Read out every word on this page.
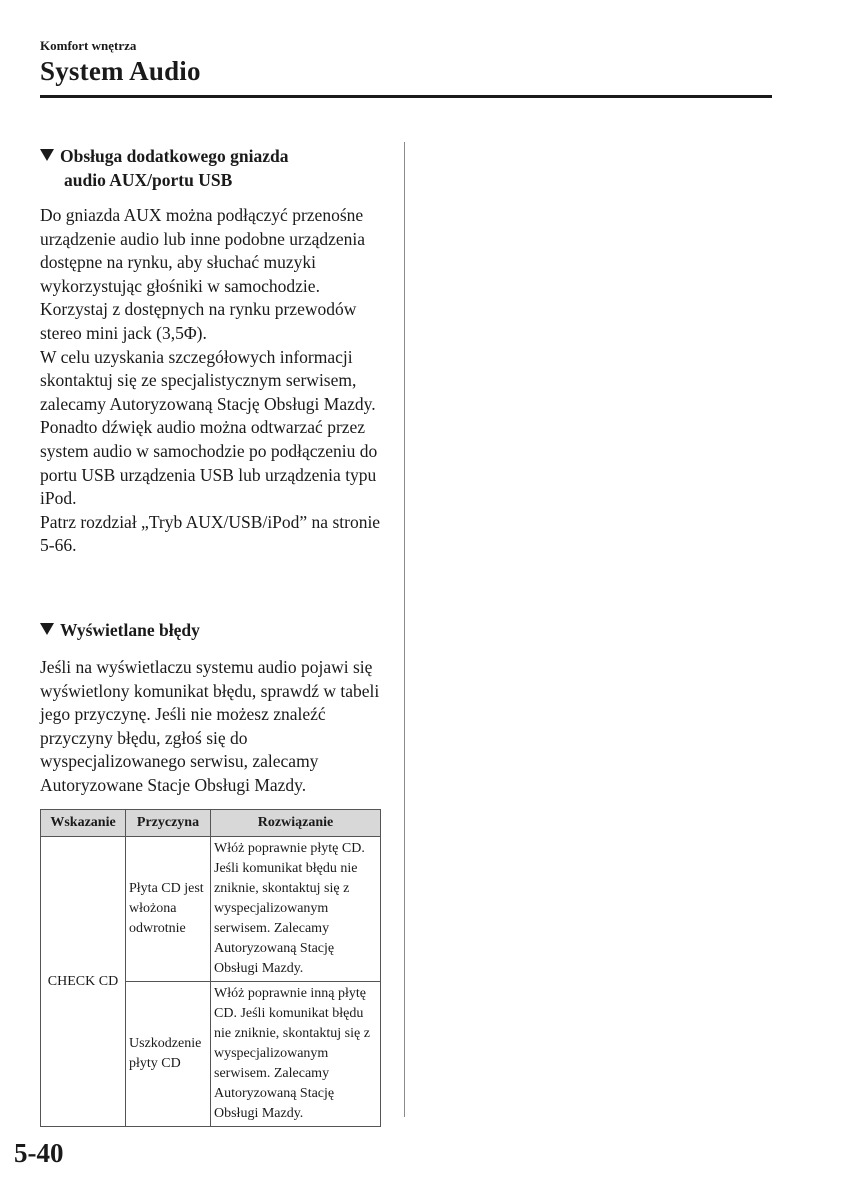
Komfort wnętrza
System Audio
Obsługa dodatkowego gniazda
audio AUX/portu USB

Do gniazda AUX można podłączyć przenośne urządzenie audio lub inne podobne urządzenia dostępne na rynku, aby słuchać muzyki wykorzystując głośniki w samochodzie.

Korzystaj z dostępnych na rynku przewodów stereo mini jack (3,5Φ).

W celu uzyskania szczegółowych informacji skontaktuj się ze specjalistycznym serwisem, zalecamy Autoryzowaną Stację Obsługi Mazdy.

Ponadto dźwięk audio można odtwarzać przez system audio w samochodzie po podłączeniu do portu USB urządzenia USB lub urządzenia typu iPod.

Patrz rozdział „Tryb AUX/USB/iPod” na stronie 5-66.

Wyświetlane błędy

Jeśli na wyświetlaczu systemu audio pojawi się wyświetlony komunikat błędu, sprawdź w tabeli jego przyczynę. Jeśli nie możesz znaleźć przyczyny błędu, zgłoś się do wyspecjalizowanego serwisu, zalecamy Autoryzowane Stacje Obsługi Mazdy.

Wskazanie	Przyczyna	Rozwiązanie
CHECK CD	Płyta CD jest włożona odwrotnie	Włóż poprawnie płytę CD. Jeśli komunikat błędu nie zniknie, skontaktuj się z wyspecjalizowanym serwisem. Zalecamy Autoryzowaną Stację Obsługi Mazdy.
	Uszkodzenie płyty CD	Włóż poprawnie inną płytę CD. Jeśli komunikat błędu nie zniknie, skontaktuj się z wyspecjalizowanym serwisem. Zalecamy Autoryzowaną Stację Obsługi Mazdy.
5-40
